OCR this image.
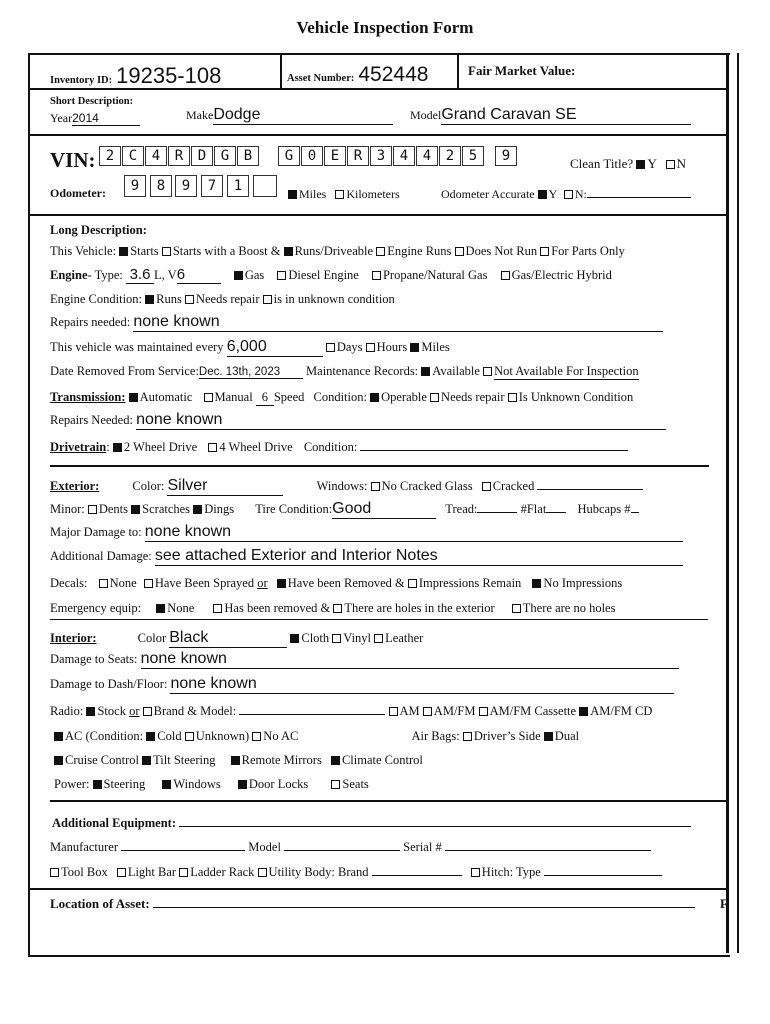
Vehicle Inspection Form
Inventory ID: 19235-108	Asset Number: 452448	Fair Market Value:
Short Description:
Year2014	MakeDodge	ModelGrand Caravan SE
VIN: 2	C	4	R	D	G	B	G	0	E	R	3	4	4	2	5	9	Clean Title? Y N
Odometer:	9	8	9	7	1	Miles Kilometers	Odometer Accurate Y N:
Long Description:
This Vehicle: Starts Starts with a Boost & Runs/Driveable Engine Runs Does Not Run For Parts Only
Engine- Type: 3.6 L, V6	Gas Diesel Engine Propane/Natural Gas Gas/Electric Hybrid
Engine Condition: Runs Needs repair is in unknown condition
Repairs needed: none known
This vehicle was maintained every 6,000	Days Hours Miles
Date Removed From Service:Dec. 13th, 2023 Maintenance Records: Available Not Available For Inspection
Transmission: Automatic Manual 6 Speed Condition: Operable Needs repair Is Unknown Condition
Repairs Needed: none known
Drivetrain: 2 Wheel Drive 4 Wheel Drive Condition:
Exterior:	Color: Silver	Windows: No Cracked Glass Cracked
Minor: Dents Scratches Dings Tire Condition:Good	Tread:	#Flat Hubcaps #
Major Damage to: none known
Additional Damage: see attached Exterior and Interior Notes
Decals: None Have Been Sprayed or Have been Removed & Impressions Remain No Impressions
Emergency equip: None Has been removed & There are holes in the exterior There are no holes
Interior:	Color Black	Cloth Vinyl Leather
Damage to Seats: none known
Damage to Dash/Floor: none known
Radio: Stock or Brand & Model:	AM AM/FM AM/FM Cassette AM/FM CD
AC (Condition: Cold Unknown) No AC	Air Bags: Driver’s Side Dual
Cruise Control Tilt Steering Remote Mirrors Climate Control
Power: Steering Windows Door Locks	Seats
Additional Equipment:
Manufacturer	Model	Serial #
Tool Box Light Bar Ladder Rack Utility Body: Brand	Hitch: Type
Location of Asset:	F
